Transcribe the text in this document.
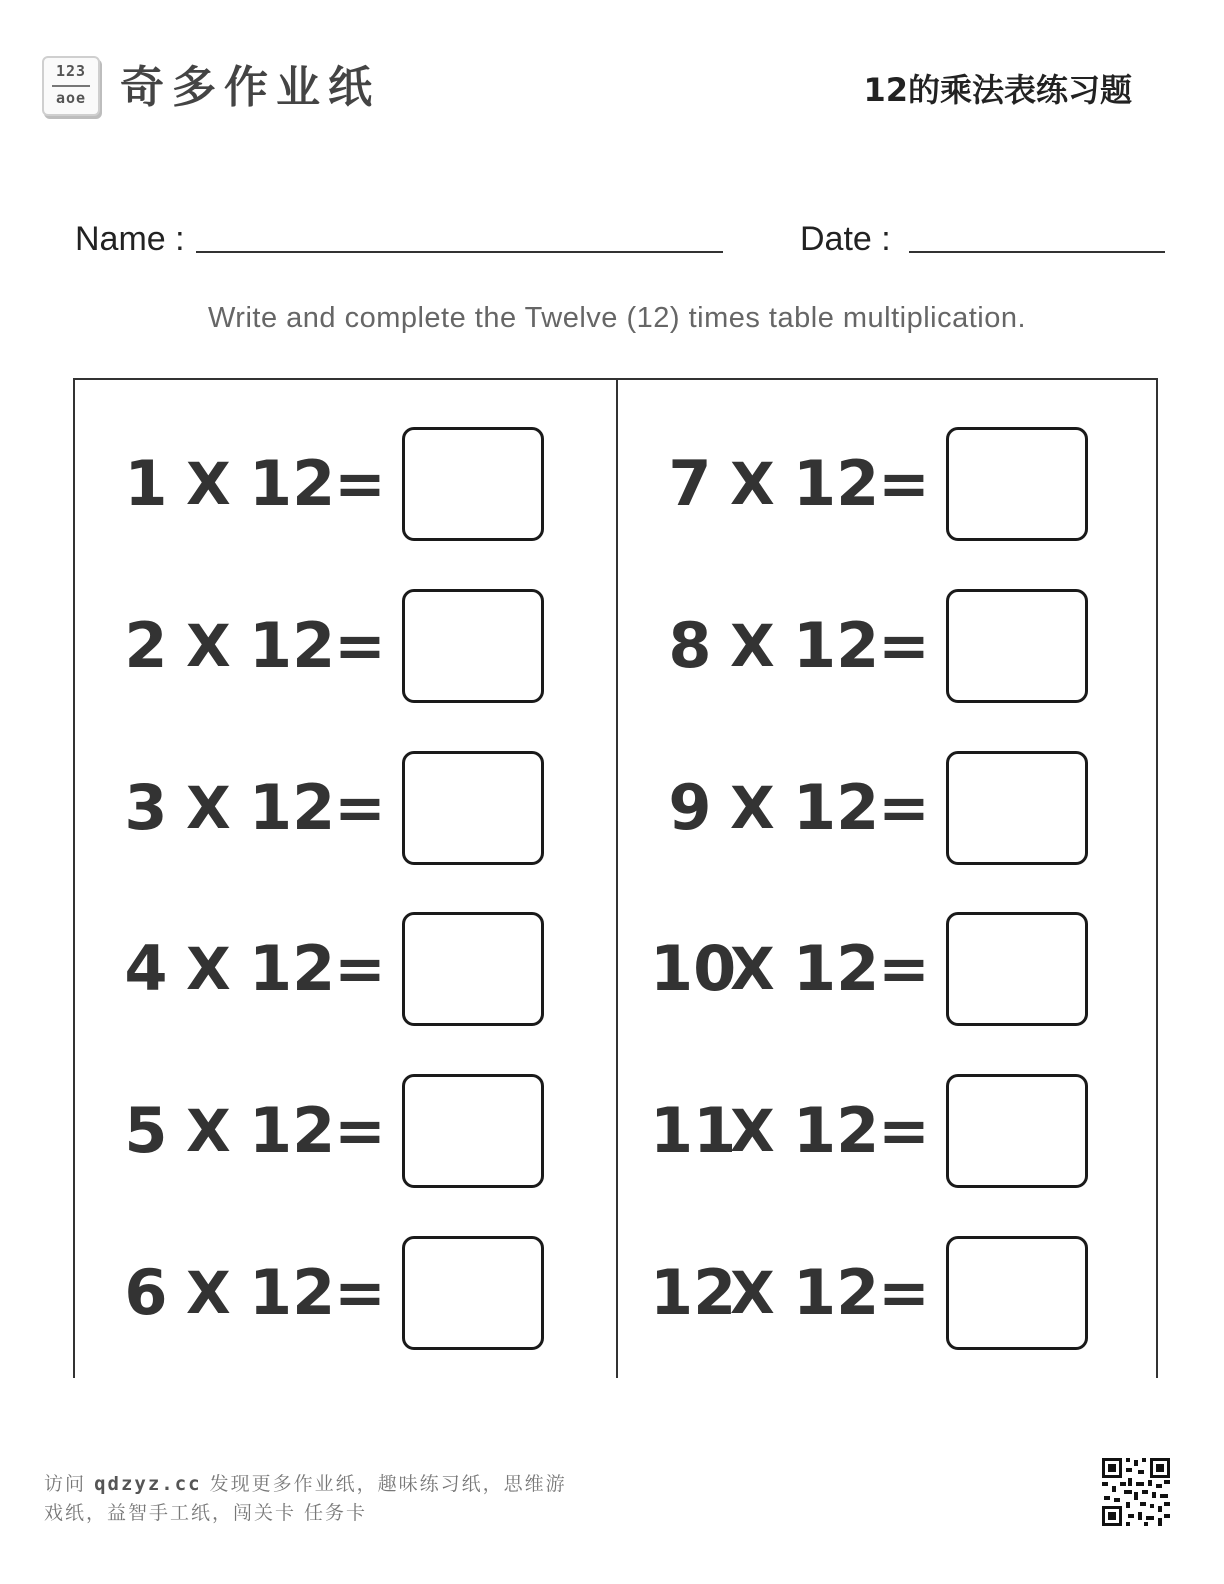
123
aoe 奇多作业纸	12的乘法表练习题
Name :	Date :
Write and complete the Twelve (12) times table multiplication.
1 X 12
=
2 X 12
=
3 X 12
=
4 X 12
=
5 X 12
=
6 X 12
=
7 X 12
=
8 X 12
=
9 X 12
=
10
X 12
=
11
X 12
=
12
X 12
=
访问 qdzyz.cc 发现更多作业纸，趣味练习纸，思维游
戏纸，益智手工纸，闯关卡 任务卡
